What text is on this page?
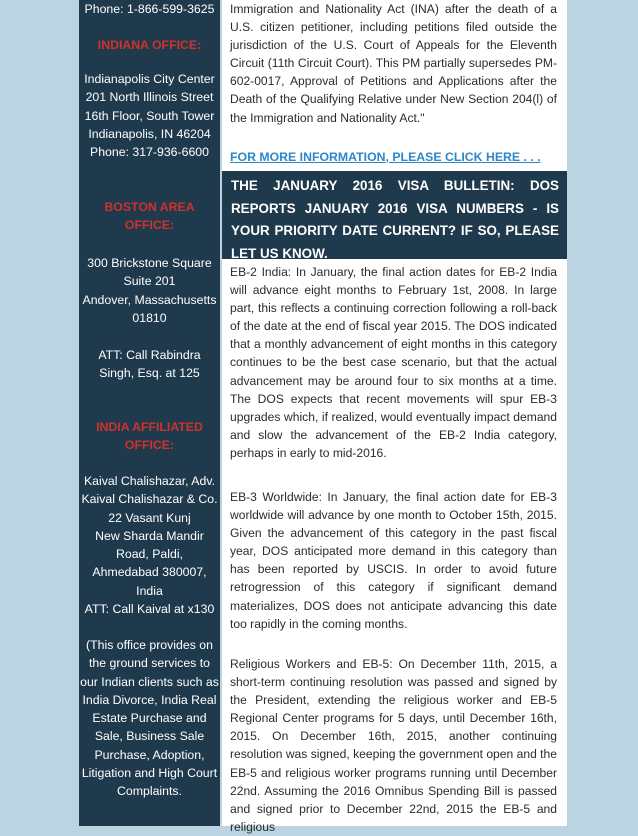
Phone: 1-866-599-3625
INDIANA OFFICE:
Indianapolis City Center
201 North Illinois Street
16th Floor, South Tower
Indianapolis, IN 46204
Phone: 317-936-6600
BOSTON AREA
OFFICE:
300 Brickstone Square
Suite 201
Andover, Massachusetts
01810
ATT: Call Rabindra
Singh, Esq. at 125
INDIA AFFILIATED
OFFICE:
Kaival Chalishazar, Adv.
Kaival Chalishazar & Co.
22 Vasant Kunj
New Sharda Mandir
Road, Paldi,
Ahmedabad 380007,
India
ATT: Call Kaival at x130
(This office provides on
the ground services to
our Indian clients such as
India Divorce, India Real
Estate Purchase and
Sale, Business Sale
Purchase, Adoption,
Litigation and High Court
Complaints.

Immigration and Nationality Act (INA) after the death of a U.S. citizen petitioner, including petitions filed outside the jurisdiction of the U.S. Court of Appeals for the Eleventh Circuit (11th Circuit Court). This PM partially supersedes PM-602-0017, Approval of Petitions and Applications after the Death of the Qualifying Relative under New Section 204(l) of the Immigration and Nationality Act."

FOR MORE INFORMATION, PLEASE CLICK HERE . . .
THE JANUARY 2016 VISA BULLETIN: DOS REPORTS JANUARY 2016 VISA NUMBERS - IS YOUR PRIORITY DATE CURRENT? IF SO, PLEASE LET US KNOW.

EB-2 India: In January, the final action dates for EB-2 India will advance eight months to February 1st, 2008. In large part, this reflects a continuing correction following a roll-back of the date at the end of fiscal year 2015. The DOS indicated that a monthly advancement of eight months in this category continues to be the best case scenario, but that the actual advancement may be around four to six months at a time. The DOS expects that recent movements will spur EB-3 upgrades which, if realized, would eventually impact demand and slow the advancement of the EB-2 India category, perhaps in early to mid-2016.

EB-3 Worldwide: In January, the final action date for EB-3 worldwide will advance by one month to October 15th, 2015. Given the advancement of this category in the past fiscal year, DOS anticipated more demand in this category than has been reported by USCIS. In order to avoid future retrogression of this category if significant demand materializes, DOS does not anticipate advancing this date too rapidly in the coming months.

Religious Workers and EB-5: On December 11th, 2015, a short-term continuing resolution was passed and signed by the President, extending the religious worker and EB-5 Regional Center programs for 5 days, until December 16th, 2015. On December 16th, 2015, another continuing resolution was signed, keeping the government open and the EB-5 and religious worker programs running until December 22nd. Assuming the 2016 Omnibus Spending Bill is passed and signed prior to December 22nd, 2015 the EB-5 and religious
